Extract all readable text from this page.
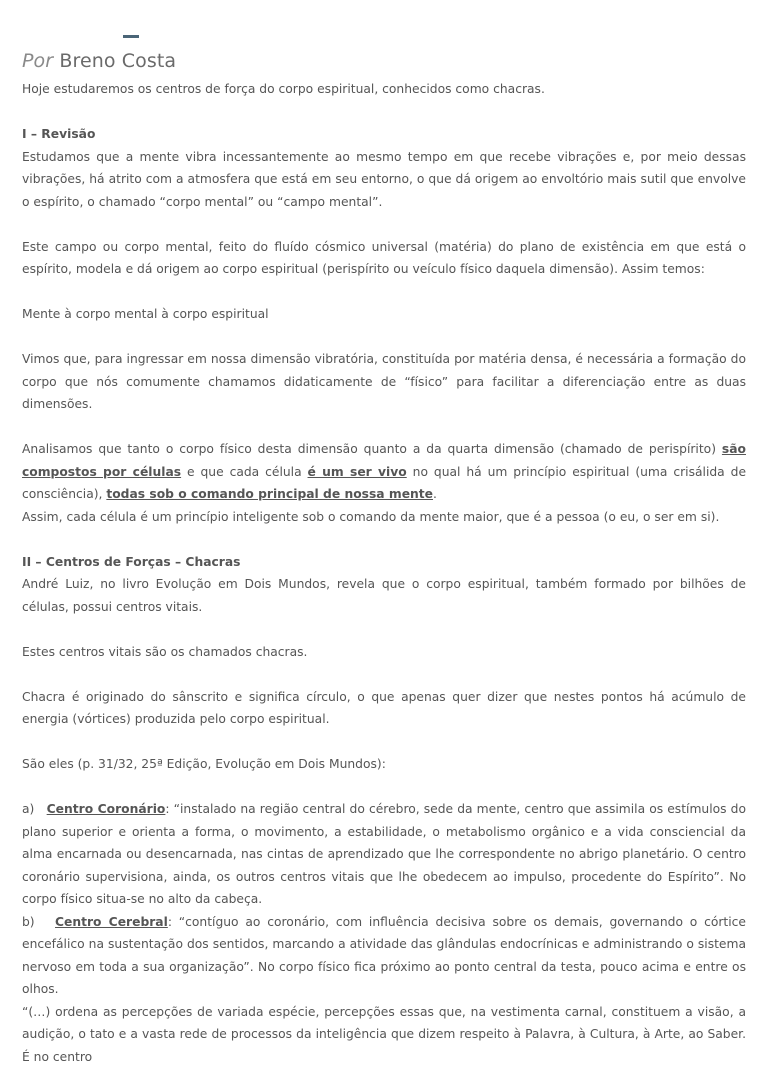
Por Breno Costa

Hoje estudaremos os centros de força do corpo espiritual, conhecidos como chacras.

I – Revisão

Estudamos que a mente vibra incessantemente ao mesmo tempo em que recebe vibrações e, por meio dessas vibrações, há atrito com a atmosfera que está em seu entorno, o que dá origem ao envoltório mais sutil que envolve o espírito, o chamado “corpo mental” ou “campo mental”.

Este campo ou corpo mental, feito do fluído cósmico universal (matéria) do plano de existência em que está o espírito, modela e dá origem ao corpo espiritual (perispírito ou veículo físico daquela dimensão). Assim temos:

Mente à corpo mental à corpo espiritual

Vimos que, para ingressar em nossa dimensão vibratória, constituída por matéria densa, é necessária a formação do corpo que nós comumente chamamos didaticamente de “físico” para facilitar a diferenciação entre as duas dimensões.

Analisamos que tanto o corpo físico desta dimensão quanto a da quarta dimensão (chamado de perispírito) são compostos por células e que cada célula é um ser vivo no qual há um princípio espiritual (uma crisálida de consciência), todas sob o comando principal de nossa mente.

Assim, cada célula é um princípio inteligente sob o comando da mente maior, que é a pessoa (o eu, o ser em si).

II – Centros de Forças – Chacras

André Luiz, no livro Evolução em Dois Mundos, revela que o corpo espiritual, também formado por bilhões de células, possui centros vitais.

Estes centros vitais são os chamados chacras.

Chacra é originado do sânscrito e significa círculo, o que apenas quer dizer que nestes pontos há acúmulo de energia (vórtices) produzida pelo corpo espiritual.

São eles (p. 31/32, 25ª Edição, Evolução em Dois Mundos):

a) Centro Coronário: “instalado na região central do cérebro, sede da mente, centro que assimila os estímulos do plano superior e orienta a forma, o movimento, a estabilidade, o metabolismo orgânico e a vida consciencial da alma encarnada ou desencarnada, nas cintas de aprendizado que lhe correspondente no abrigo planetário. O centro coronário supervisiona, ainda, os outros centros vitais que lhe obedecem ao impulso, procedente do Espírito”. No corpo físico situa-se no alto da cabeça.

b) Centro Cerebral: “contíguo ao coronário, com influência decisiva sobre os demais, governando o córtice encefálico na sustentação dos sentidos, marcando a atividade das glândulas endocrínicas e administrando o sistema nervoso em toda a sua organização”. No corpo físico fica próximo ao ponto central da testa, pouco acima e entre os olhos.

“(…) ordena as percepções de variada espécie, percepções essas que, na vestimenta carnal, constituem a visão, a audição, o tato e a vasta rede de processos da inteligência que dizem respeito à Palavra, à Cultura, à Arte, ao Saber. É no centro
